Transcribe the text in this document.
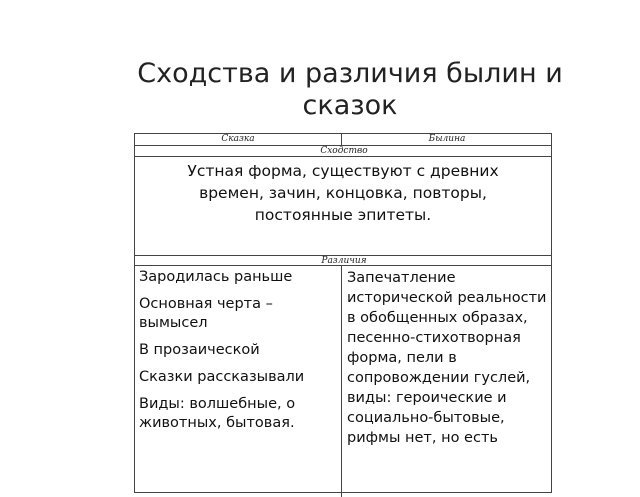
Сходства и различия былин и сказок
Сказка	Былина
Сходство
Устная форма, существуют с древних времен, зачин, концовка, повторы, постоянные эпитеты.
Различия

Зародилась раньше

Основная черта – вымысел

В прозаической

Сказки рассказывали

Виды: волшебные, о животных, бытовая.

Запечатление исторической реальности в обобщенных образах, песенно-стихотворная форма, пели в сопровождении гуслей, виды: героические и социально-бытовые, рифмы нет, но есть
